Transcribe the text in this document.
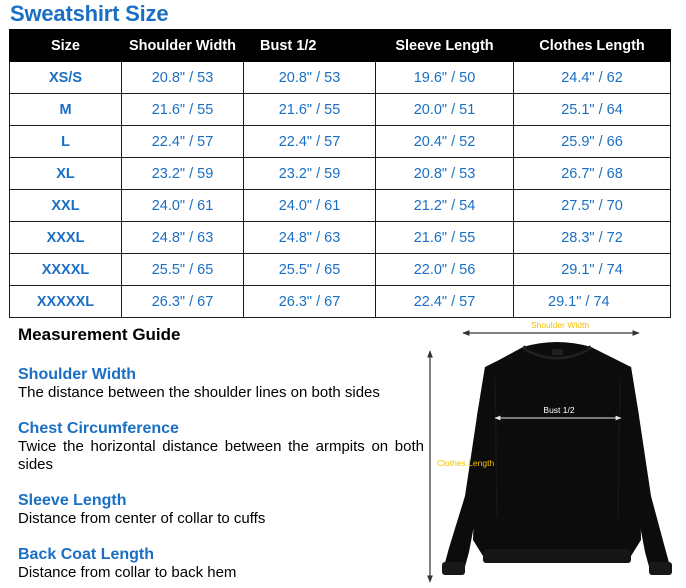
Sweatshirt Size
Size	Shoulder Width	Bust 1/2	Sleeve Length	Clothes Length
XS/S	20.8" / 53	20.8" / 53	19.6" / 50	24.4" / 62
M	21.6" / 55	21.6" / 55	20.0" / 51	25.1" / 64
L	22.4" / 57	22.4" / 57	20.4" / 52	25.9" / 66
XL	23.2" / 59	23.2" / 59	20.8" / 53	26.7" / 68
XXL	24.0" / 61	24.0" / 61	21.2" / 54	27.5" / 70
XXXL	24.8" / 63	24.8" / 63	21.6" / 55	28.3" / 72
XXXXL	25.5" / 65	25.5" / 65	22.0" / 56	29.1" / 74
XXXXXL	26.3" / 67	26.3" / 67	22.4" / 57	29.1" / 74
Measurement Guide

Shoulder Width

The distance between the shoulder lines on both sides

Chest Circumference

Twice the horizontal distance between the armpits on both sides

Sleeve Length

Distance from center of collar to cuffs

Back Coat Length

Distance from collar to back hem

Shoulder Width
Bust 1/2
Clothes Length
